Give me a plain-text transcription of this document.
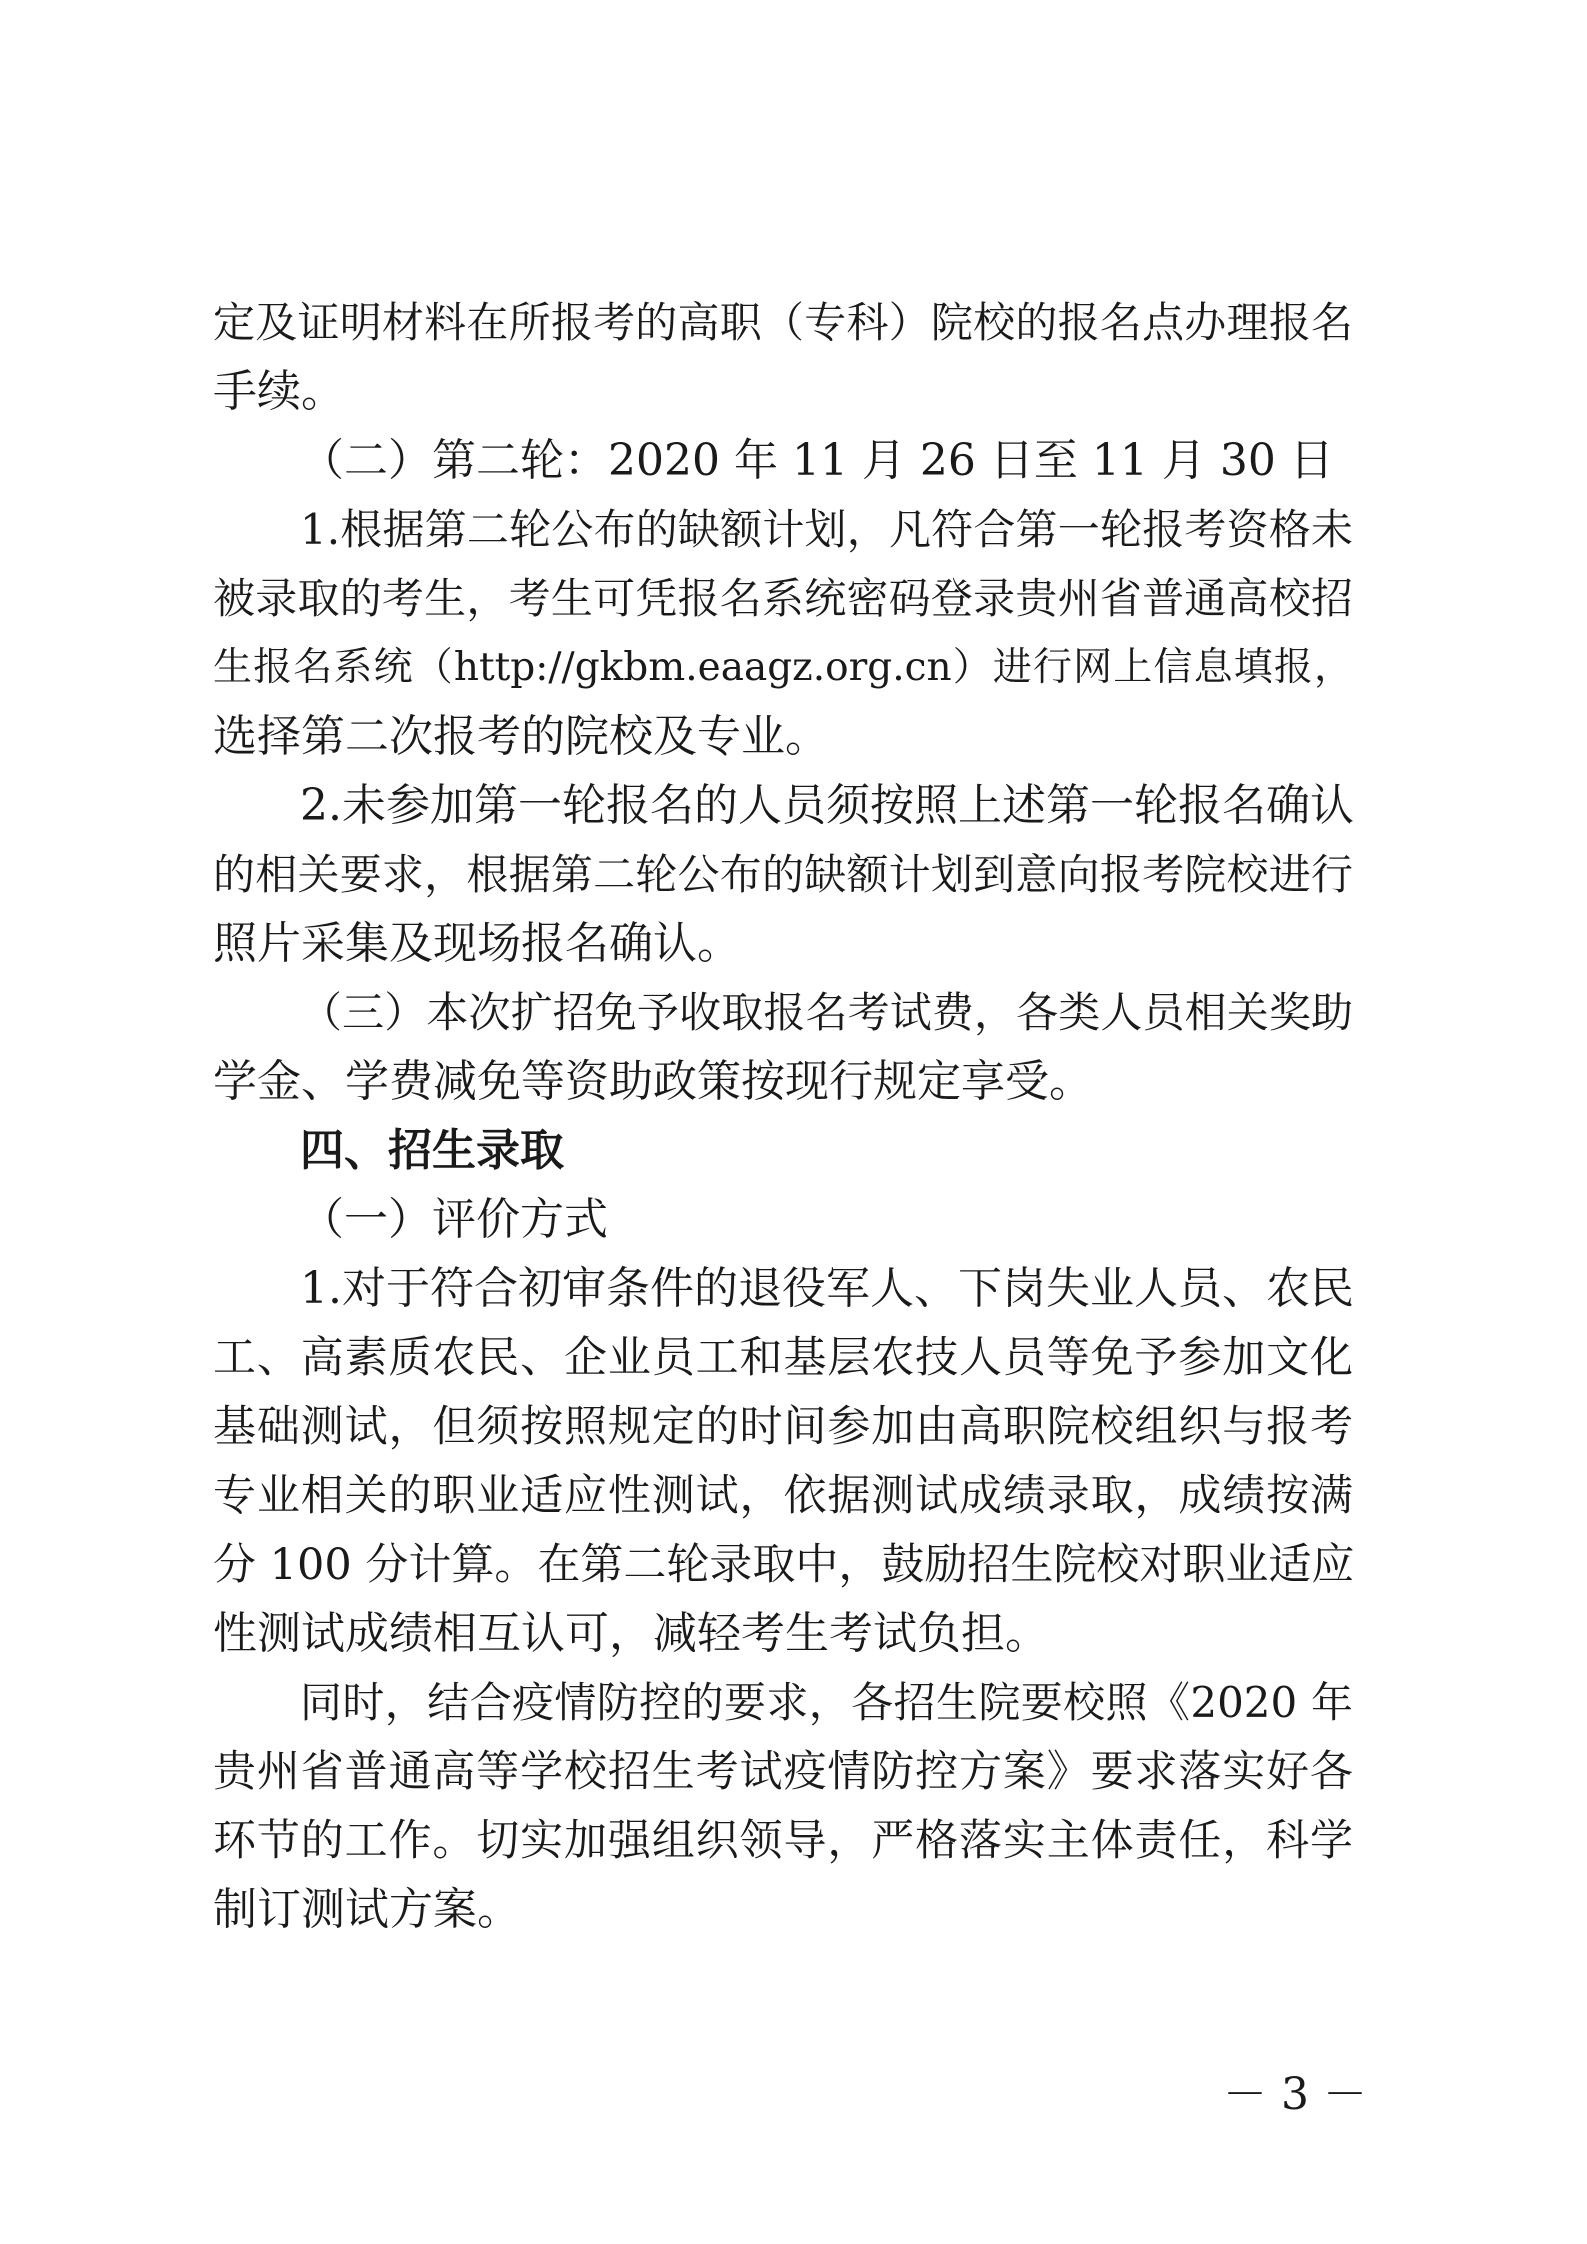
定及证明材料在所报考的高职（专科）院校的报名点办理报名
手续。
（二）第二轮：2020 年 11 月 26 日至 11 月 30 日
1.根据第二轮公布的缺额计划，凡符合第一轮报考资格未
被录取的考生，考生可凭报名系统密码登录贵州省普通高校招
生报名系统（http://gkbm.eaagz.org.cn）进行网上信息填报，
选择第二次报考的院校及专业。
2.未参加第一轮报名的人员须按照上述第一轮报名确认
的相关要求，根据第二轮公布的缺额计划到意向报考院校进行
照片采集及现场报名确认。
（三）本次扩招免予收取报名考试费，各类人员相关奖助
学金、学费减免等资助政策按现行规定享受。
四、招生录取
（一）评价方式
1.对于符合初审条件的退役军人、下岗失业人员、农民
工、高素质农民、企业员工和基层农技人员等免予参加文化
基础测试，但须按照规定的时间参加由高职院校组织与报考
专业相关的职业适应性测试，依据测试成绩录取，成绩按满
分 100 分计算。在第二轮录取中，鼓励招生院校对职业适应
性测试成绩相互认可，减轻考生考试负担。
同时，结合疫情防控的要求，各招生院要校照《2020 年
贵州省普通高等学校招生考试疫情防控方案》要求落实好各
环节的工作。切实加强组织领导，严格落实主体责任，科学
制订测试方案。
－ 3 －
